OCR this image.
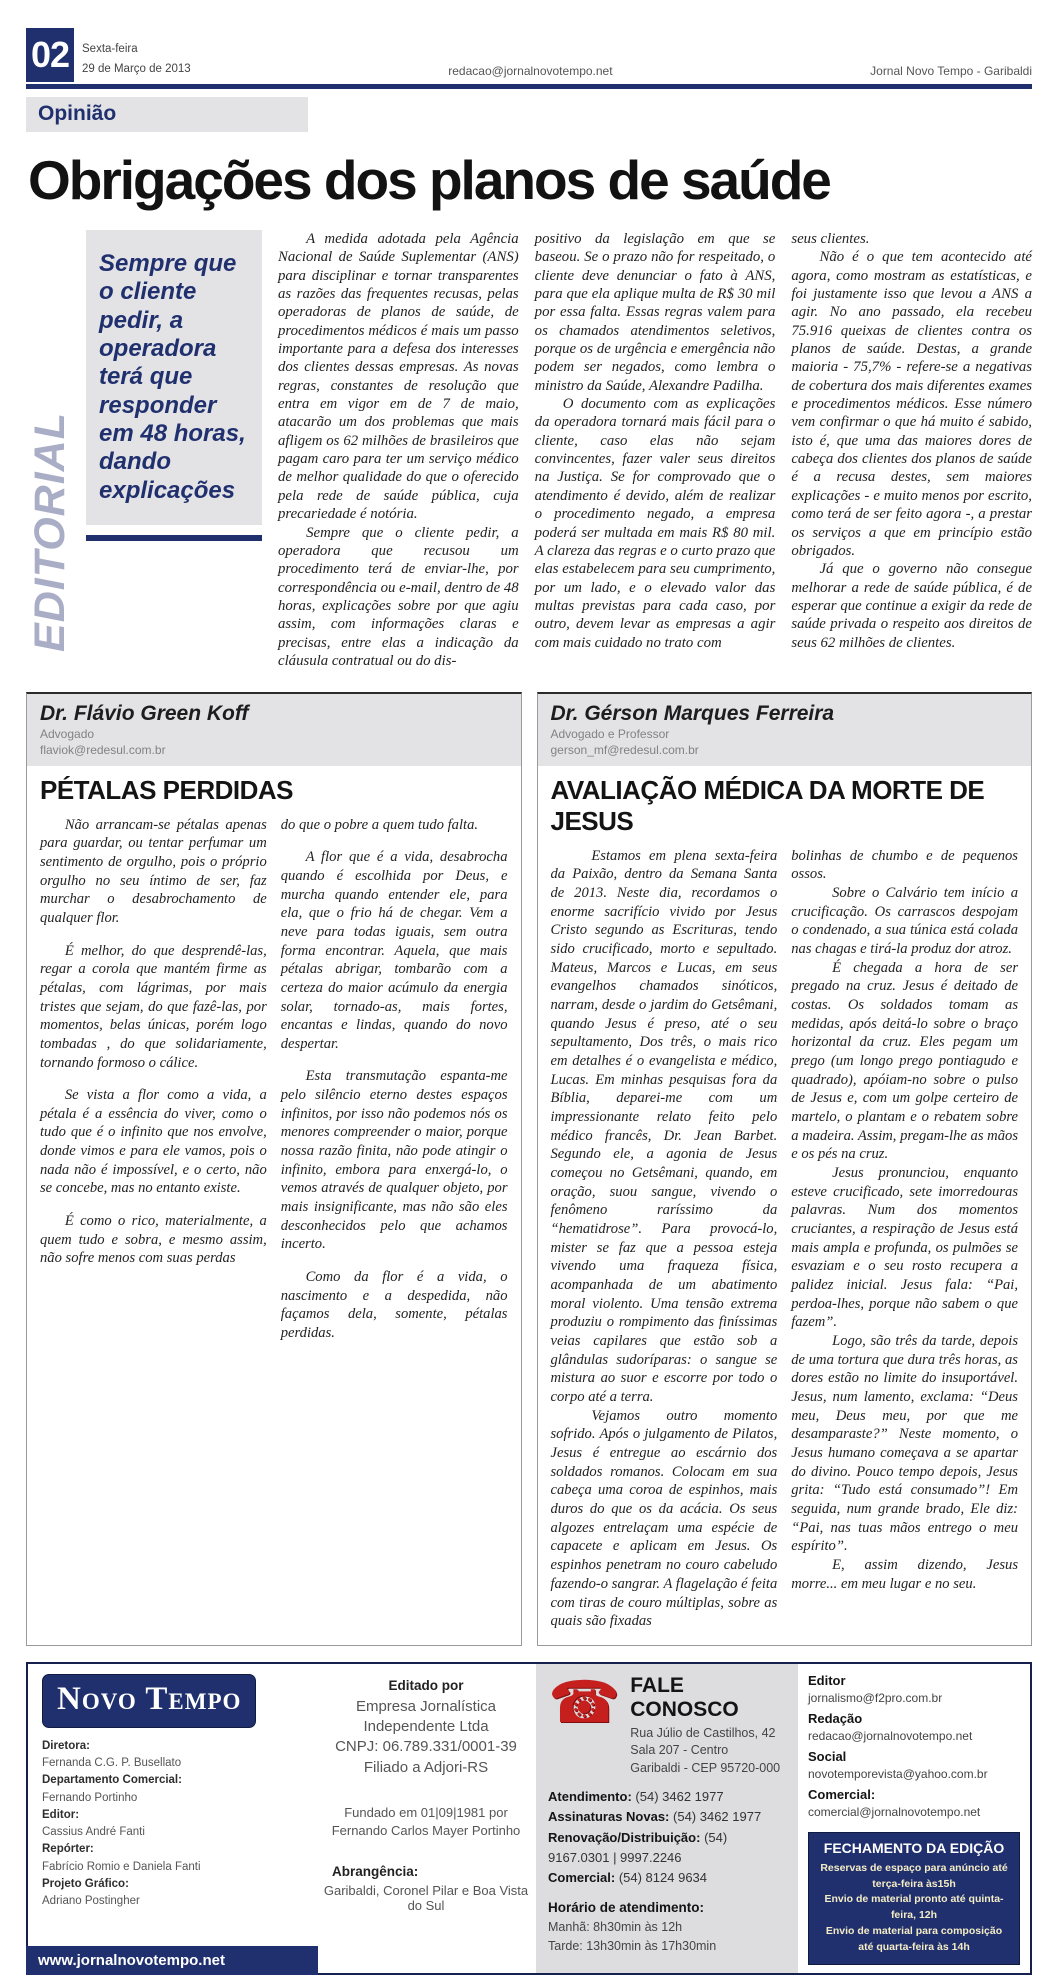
02	Sexta-feira
29 de Março de 2013	redacao@jornalnovotempo.net	Jornal Novo Tempo - Garibaldi
Opinião
Obrigações dos planos de saúde
EDITORIAL
Sempre que o cliente pedir, a operadora terá que responder em 48 horas, dando explicações

A medida adotada pela Agência Nacional de Saúde Suplementar (ANS) para disciplinar e tornar transparentes as razões das frequentes recusas, pelas operadoras de planos de saúde, de procedimentos médicos é mais um passo importante para a defesa dos interesses dos clientes dessas empresas. As novas regras, constantes de resolução que entra em vigor em de 7 de maio, atacarão um dos problemas que mais afligem os 62 milhões de brasileiros que pagam caro para ter um serviço médico de melhor qualidade do que o oferecido pela rede de saúde pública, cuja precariedade é notória.

Sempre que o cliente pedir, a operadora que recusou um procedimento terá de enviar-lhe, por correspondência ou e-mail, dentro de 48 horas, explicações sobre por que agiu assim, com informações claras e precisas, entre elas a indicação da cláusula contratual ou do dis-

positivo da legislação em que se baseou. Se o prazo não for respeitado, o cliente deve denunciar o fato à ANS, para que ela aplique multa de R$ 30 mil por essa falta. Essas regras valem para os chamados atendimentos seletivos, porque os de urgência e emergência não podem ser negados, como lembra o ministro da Saúde, Alexandre Padilha.

O documento com as explicações da operadora tornará mais fácil para o cliente, caso elas não sejam convincentes, fazer valer seus direitos na Justiça. Se for comprovado que o atendimento é devido, além de realizar o procedimento negado, a empresa poderá ser multada em mais R$ 80 mil. A clareza das regras e o curto prazo que elas estabelecem para seu cumprimento, por um lado, e o elevado valor das multas previstas para cada caso, por outro, devem levar as empresas a agir com mais cuidado no trato com

seus clientes.

Não é o que tem acontecido até agora, como mostram as estatísticas, e foi justamente isso que levou a ANS a agir. No ano passado, ela recebeu 75.916 queixas de clientes contra os planos de saúde. Destas, a grande maioria - 75,7% - refere-se a negativas de cobertura dos mais diferentes exames e procedimentos médicos. Esse número vem confirmar o que há muito é sabido, isto é, que uma das maiores dores de cabeça dos clientes dos planos de saúde é a recusa destes, sem maiores explicações - e muito menos por escrito, como terá de ser feito agora -, a prestar os serviços a que em princípio estão obrigados.

Já que o governo não consegue melhorar a rede de saúde pública, é de esperar que continue a exigir da rede de saúde privada o respeito aos direitos de seus 62 milhões de clientes.

Dr. Flávio Green Koff
Advogado
flaviok@redesul.com.br
PÉTALAS PERDIDAS

Não arrancam-se pétalas apenas para guardar, ou tentar perfumar um sentimento de orgulho, pois o próprio orgulho no seu íntimo de ser, faz murchar o desabrochamento de qualquer flor.

É melhor, do que desprendê-las, regar a corola que mantém firme as pétalas, com lágrimas, por mais tristes que sejam, do que fazê-las, por momentos, belas únicas, porém logo tombadas , do que solidariamente, tornando formoso o cálice.

Se vista a flor como a vida, a pétala é a essência do viver, como o tudo que é o infinito que nos envolve, donde vimos e para ele vamos, pois o nada não é impossível, e o certo, não se concebe, mas no entanto existe.

É como o rico, materialmente, a quem tudo e sobra, e mesmo assim, não sofre menos com suas perdas

do que o pobre a quem tudo falta.

A flor que é a vida, desabrocha quando é escolhida por Deus, e murcha quando entender ele, para ela, que o frio há de chegar. Vem a neve para todas iguais, sem outra forma encontrar. Aquela, que mais pétalas abrigar, tombarão com a certeza do maior acúmulo da energia solar, tornado-as, mais fortes, encantas e lindas, quando do novo despertar.

Esta transmutação espanta-me pelo silêncio eterno destes espaços infinitos, por isso não podemos nós os menores compreender o maior, porque nossa razão finita, não pode atingir o infinito, embora para enxergá-lo, o vemos através de qualquer objeto, por mais insignificante, mas não são eles desconhecidos pelo que achamos incerto.

Como da flor é a vida, o nascimento e a despedida, não façamos dela, somente, pétalas perdidas.

Dr. Gérson Marques Ferreira
Advogado e Professor
gerson_mf@redesul.com.br
AVALIAÇÃO MÉDICA DA MORTE DE JESUS

Estamos em plena sexta-feira da Paixão, dentro da Semana Santa de 2013. Neste dia, recordamos o enorme sacrifício vivido por Jesus Cristo segundo as Escrituras, tendo sido crucificado, morto e sepultado. Mateus, Marcos e Lucas, em seus evangelhos chamados sinóticos, narram, desde o jardim do Getsêmani, quando Jesus é preso, até o seu sepultamento, Dos três, o mais rico em detalhes é o evangelista e médico, Lucas. Em minhas pesquisas fora da Bíblia, deparei-me com um impressionante relato feito pelo médico francês, Dr. Jean Barbet. Segundo ele, a agonia de Jesus começou no Getsêmani, quando, em oração, suou sangue, vivendo o fenômeno raríssimo da “hematidrose”. Para provocá-lo, mister se faz que a pessoa esteja vivendo uma fraqueza física, acompanhada de um abatimento moral violento. Uma tensão extrema produziu o rompimento das finíssimas veias capilares que estão sob a glândulas sudoríparas: o sangue se mistura ao suor e escorre por todo o corpo até a terra.

Vejamos outro momento sofrido. Após o julgamento de Pilatos, Jesus é entregue ao escárnio dos soldados romanos. Colocam em sua cabeça uma coroa de espinhos, mais duros do que os da acácia. Os seus algozes entrelaçam uma espécie de capacete e aplicam em Jesus. Os espinhos penetram no couro cabeludo fazendo-o sangrar. A flagelação é feita com tiras de couro múltiplas, sobre as quais são fixadas

bolinhas de chumbo e de pequenos ossos.

Sobre o Calvário tem início a crucificação. Os carrascos despojam o condenado, a sua túnica está colada nas chagas e tirá-la produz dor atroz.

É chegada a hora de ser pregado na cruz. Jesus é deitado de costas. Os soldados tomam as medidas, após deitá-lo sobre o braço horizontal da cruz. Eles pegam um prego (um longo prego pontiagudo e quadrado), apóiam-no sobre o pulso de Jesus e, com um golpe certeiro de martelo, o plantam e o rebatem sobre a madeira. Assim, pregam-lhe as mãos e os pés na cruz.

Jesus pronunciou, enquanto esteve crucificado, sete imorredouras palavras. Num dos momentos cruciantes, a respiração de Jesus está mais ampla e profunda, os pulmões se esvaziam e o seu rosto recupera a palidez inicial. Jesus fala: “Pai, perdoa-lhes, porque não sabem o que fazem”.

Logo, são três da tarde, depois de uma tortura que dura três horas, as dores estão no limite do insuportável. Jesus, num lamento, exclama: “Deus meu, Deus meu, por que me desamparaste?” Neste momento, o Jesus humano começava a se apartar do divino. Pouco tempo depois, Jesus grita: “Tudo está consumado”! Em seguida, num grande brado, Ele diz: “Pai, nas tuas mãos entrego o meu espírito”.

E, assim dizendo, Jesus morre... em meu lugar e no seu.

Novo Tempo
Diretora:
Fernanda C.G. P. Busellato
Departamento Comercial:
Fernando Portinho
Editor:
Cassius André Fanti
Repórter:
Fabrício Romio e Daniela Fanti
Projeto Gráfico:
Adriano Postingher
www.jornalnovotempo.net
Editado por
Empresa Jornalística
Independente Ltda
CNPJ: 06.789.331/0001-39
Filiado a Adjori-RS
Fundado em 01|09|1981 por
Fernando Carlos Mayer Portinho
Abrangência:
Garibaldi, Coronel Pilar e Boa Vista do Sul
☎ FALE CONOSCO
Rua Júlio de Castilhos, 42
Sala 207 - Centro
Garibaldi - CEP 95720-000
Atendimento: (54) 3462 1977
Assinaturas Novas: (54) 3462 1977
Renovação/Distribuição: (54) 9167.0301 | 9997.2246
Comercial: (54) 8124 9634
Horário de atendimento:
Manhã: 8h30min às 12h
Tarde: 13h30min às 17h30min
Editor
jornalismo@f2pro.com.br
Redação
redacao@jornalnovotempo.net
Social
novotemporevista@yahoo.com.br
Comercial:
comercial@jornalnovotempo.net
FECHAMENTO DA EDIÇÃO
Reservas de espaço para anúncio até terça-feira às15h
Envio de material pronto até quinta-feira, 12h
Envio de material para composição até quarta-feira às 14h
